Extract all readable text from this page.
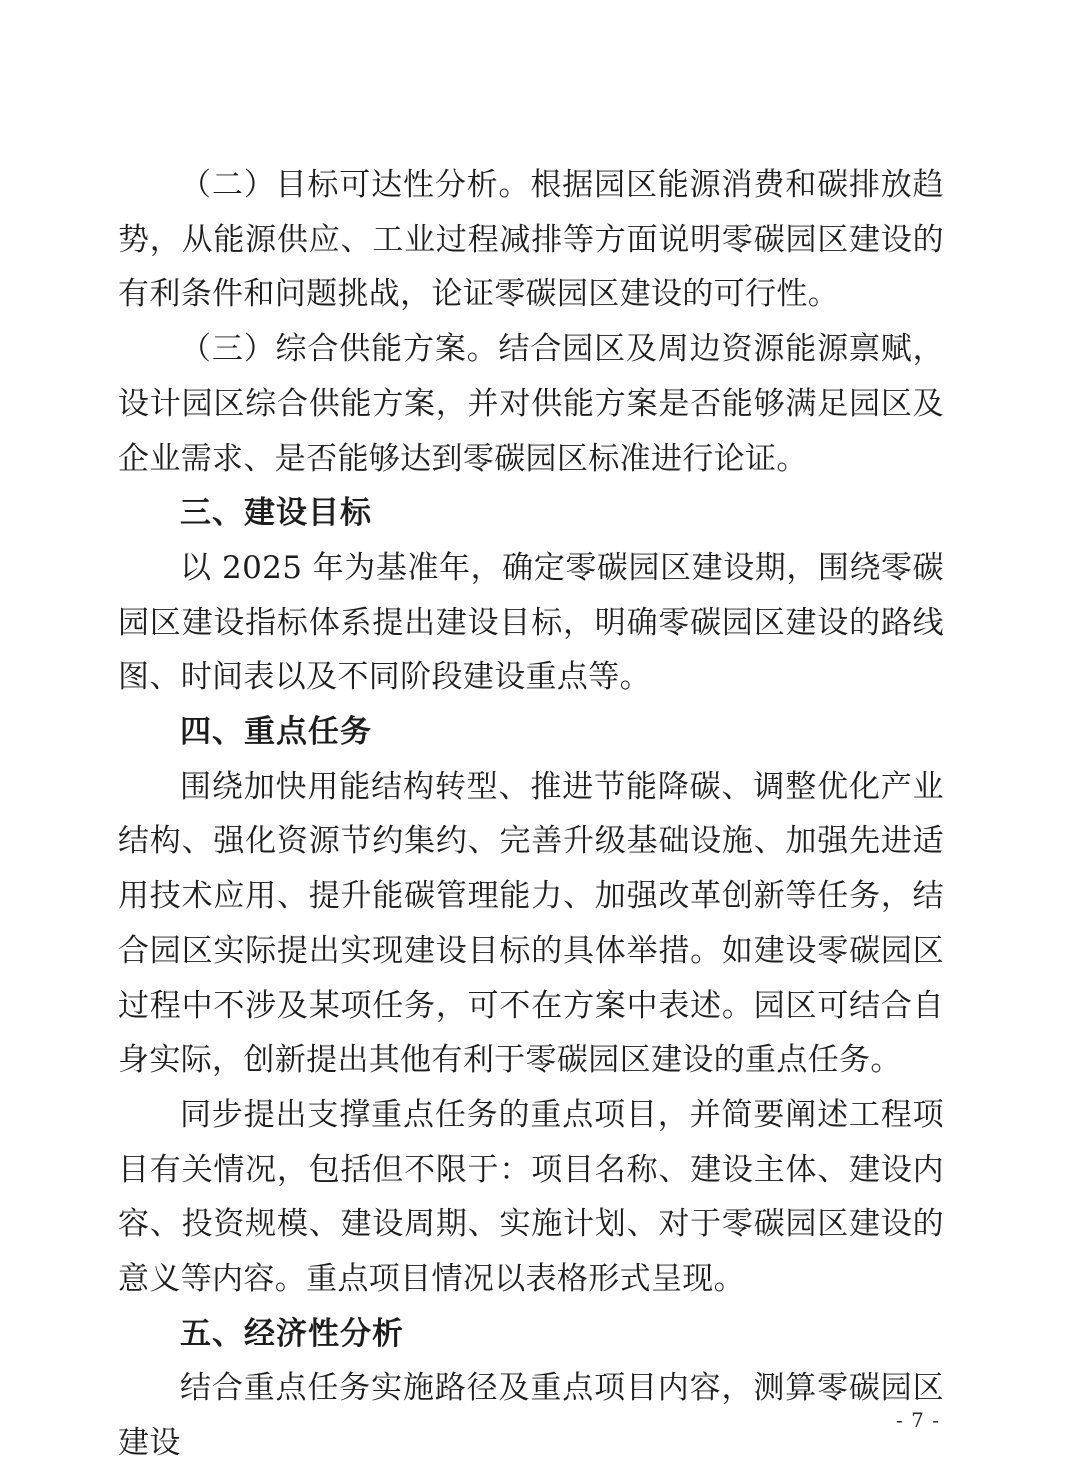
（二）目标可达性分析。根据园区能源消费和碳排放趋势，从能源供应、工业过程减排等方面说明零碳园区建设的有利条件和问题挑战，论证零碳园区建设的可行性。

（三）综合供能方案。结合园区及周边资源能源禀赋，设计园区综合供能方案，并对供能方案是否能够满足园区及企业需求、是否能够达到零碳园区标准进行论证。

三、建设目标

以 2025 年为基准年，确定零碳园区建设期，围绕零碳园区建设指标体系提出建设目标，明确零碳园区建设的路线图、时间表以及不同阶段建设重点等。

四、重点任务

围绕加快用能结构转型、推进节能降碳、调整优化产业结构、强化资源节约集约、完善升级基础设施、加强先进适用技术应用、提升能碳管理能力、加强改革创新等任务，结合园区实际提出实现建设目标的具体举措。如建设零碳园区过程中不涉及某项任务，可不在方案中表述。园区可结合自身实际，创新提出其他有利于零碳园区建设的重点任务。

同步提出支撑重点任务的重点项目，并简要阐述工程项目有关情况，包括但不限于：项目名称、建设主体、建设内容、投资规模、建设周期、实施计划、对于零碳园区建设的意义等内容。重点项目情况以表格形式呈现。

五、经济性分析

结合重点任务实施路径及重点项目内容，测算零碳园区建设

- 7 -
